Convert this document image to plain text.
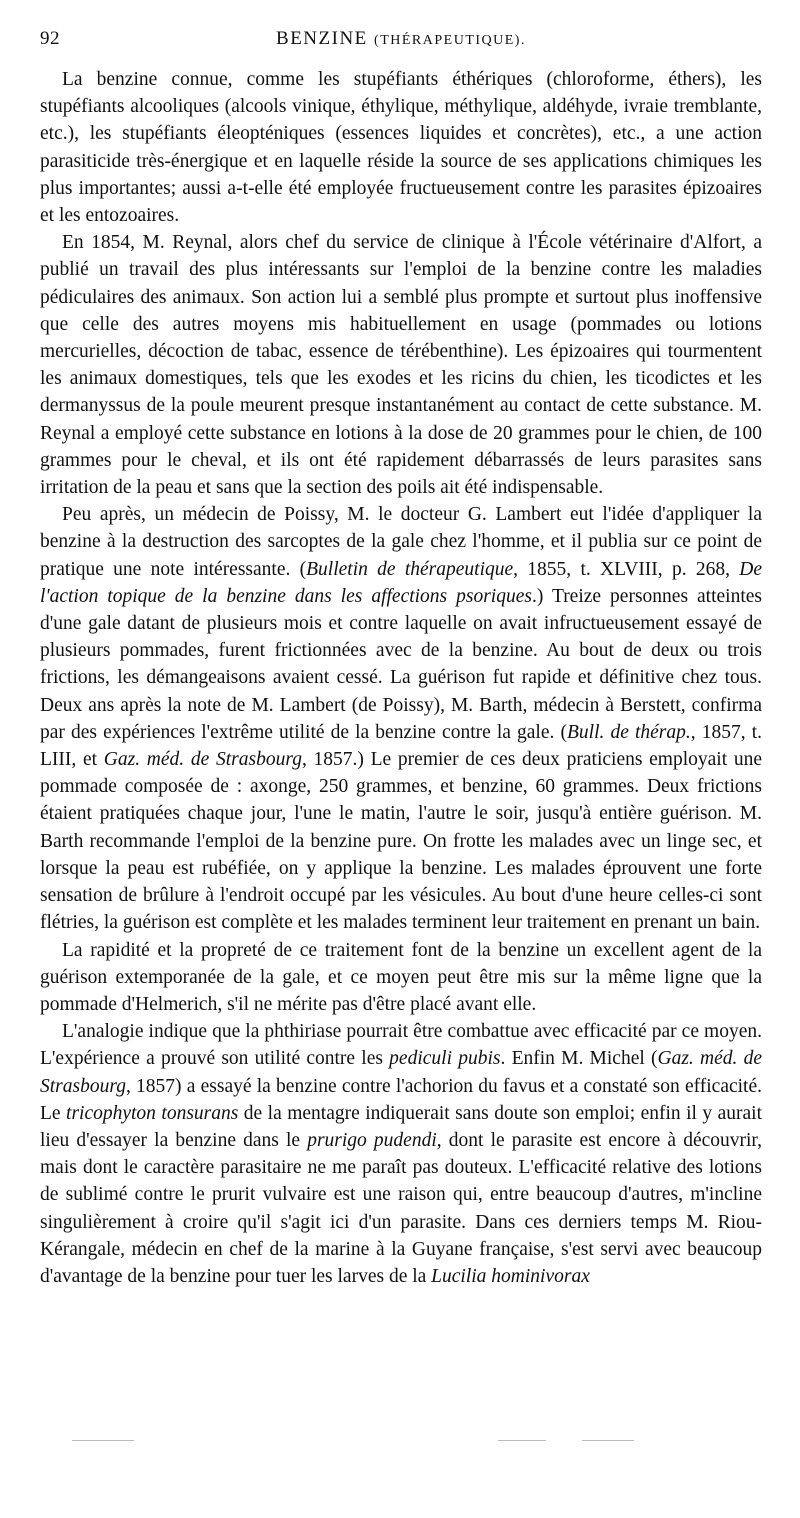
92	BENZINE (THÉRAPEUTIQUE).

La benzine connue, comme les stupéfiants éthériques (chloroforme, éthers), les stupéfiants alcooliques (alcools vinique, éthylique, méthylique, aldéhyde, ivraie tremblante, etc.), les stupéfiants éleopténiques (essences liquides et concrètes), etc., a une action parasiticide très-énergique et en laquelle réside la source de ses applications chimiques les plus importantes; aussi a-t-elle été employée fructueusement contre les parasites épizoaires et les entozoaires.

En 1854, M. Reynal, alors chef du service de clinique à l'École vétérinaire d'Alfort, a publié un travail des plus intéressants sur l'emploi de la benzine contre les maladies pédiculaires des animaux. Son action lui a semblé plus prompte et surtout plus inoffensive que celle des autres moyens mis habituellement en usage (pommades ou lotions mercurielles, décoction de tabac, essence de térébenthine). Les épizoaires qui tourmentent les animaux domestiques, tels que les exodes et les ricins du chien, les ticodictes et les dermanyssus de la poule meurent presque instantanément au contact de cette substance. M. Reynal a employé cette substance en lotions à la dose de 20 grammes pour le chien, de 100 grammes pour le cheval, et ils ont été rapidement débarrassés de leurs parasites sans irritation de la peau et sans que la section des poils ait été indispensable.

Peu après, un médecin de Poissy, M. le docteur G. Lambert eut l'idée d'appliquer la benzine à la destruction des sarcoptes de la gale chez l'homme, et il publia sur ce point de pratique une note intéressante. (Bulletin de thérapeutique, 1855, t. XLVIII, p. 268, De l'action topique de la benzine dans les affections psoriques.) Treize personnes atteintes d'une gale datant de plusieurs mois et contre laquelle on avait infructueusement essayé de plusieurs pommades, furent frictionnées avec de la benzine. Au bout de deux ou trois frictions, les démangeaisons avaient cessé. La guérison fut rapide et définitive chez tous. Deux ans après la note de M. Lambert (de Poissy), M. Barth, médecin à Berstett, confirma par des expériences l'extrême utilité de la benzine contre la gale. (Bull. de thérap., 1857, t. LIII, et Gaz. méd. de Strasbourg, 1857.) Le premier de ces deux praticiens employait une pommade composée de : axonge, 250 grammes, et benzine, 60 grammes. Deux frictions étaient pratiquées chaque jour, l'une le matin, l'autre le soir, jusqu'à entière guérison. M. Barth recommande l'emploi de la benzine pure. On frotte les malades avec un linge sec, et lorsque la peau est rubéfiée, on y applique la benzine. Les malades éprouvent une forte sensation de brûlure à l'endroit occupé par les vésicules. Au bout d'une heure celles-ci sont flétries, la guérison est complète et les malades terminent leur traitement en prenant un bain.

La rapidité et la propreté de ce traitement font de la benzine un excellent agent de la guérison extemporanée de la gale, et ce moyen peut être mis sur la même ligne que la pommade d'Helmerich, s'il ne mérite pas d'être placé avant elle.

L'analogie indique que la phthiriase pourrait être combattue avec efficacité par ce moyen. L'expérience a prouvé son utilité contre les pediculi pubis. Enfin M. Michel (Gaz. méd. de Strasbourg, 1857) a essayé la benzine contre l'achorion du favus et a constaté son efficacité. Le tricophyton tonsurans de la mentagre indiquerait sans doute son emploi; enfin il y aurait lieu d'essayer la benzine dans le prurigo pudendi, dont le parasite est encore à découvrir, mais dont le caractère parasitaire ne me paraît pas douteux. L'efficacité relative des lotions de sublimé contre le prurit vulvaire est une raison qui, entre beaucoup d'autres, m'incline singulièrement à croire qu'il s'agit ici d'un parasite. Dans ces derniers temps M. Riou-Kérangale, médecin en chef de la marine à la Guyane française, s'est servi avec beaucoup d'avantage de la benzine pour tuer les larves de la Lucilia hominivorax
